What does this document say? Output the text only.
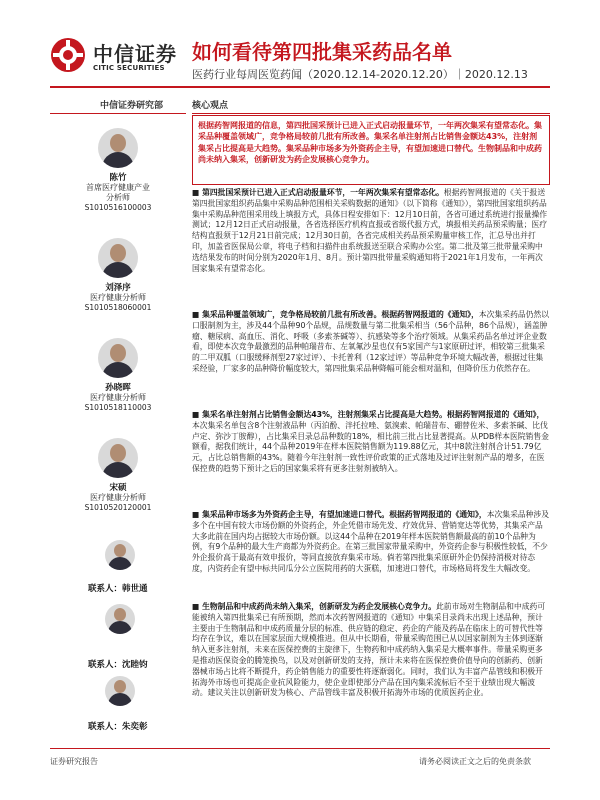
中信证券
CITIC SECURITIES
如何看待第四批集采药品名单
医药行业每周医览药闻（2020.12.14-2020.12.20）｜2020.12.13
中信证券研究部	核心观点
陈竹
首席医疗健康产业
分析师
S1010516100003
刘泽序
医疗健康分析师
S1010518060001
孙晓晖
医疗健康分析师
S1010518110003
宋硕
医疗健康分析师
S1010520120001
联系人：韩世通
联系人：沈睦钧
联系人：朱奕彰
根据药智网报道的信息，第四批国采预计已进入正式启动报量环节，一年两次集采有望常态化。集采品种覆盖领域广，竞争格局较前几批有所改善。集采名单注射剂占比销售金额达43%，注射剂集采占比提高是大趋势。集采品种市场多为外资药企主导，有望加速进口替代。生物制品和中成药尚未纳入集采，创新研发为药企发展核心竞争力。
■ 第四批国采预计已进入正式启动报量环节，一年两次集采有望常态化。根据药智网报道的《关于报送第四批国家组织药品集中采购品种范围相关采购数据的通知》（以下简称《通知》），第四批国家组织药品集中采购品种范围采用线上填报方式，具体日程安排如下：12月10日前，各省可通过系统进行报量操作测试；12月12日正式启动报量，各省选择医疗机构直报或省级代报方式，填报相关药品预采购量；医疗结构直报须于12月21日前完成；12月30日前，各省完成相关药品预采购量审核工作，汇总导出并打印，加盖省医保局公章，将电子档和扫描件由系统报送至联合采购办公室。第二批及第三批带量采购中选结果发布的时间分别为2020年1月、8月。预计第四批带量采购通知将于2021年1月发布，一年两次国家集采有望常态化。
■ 集采品种覆盖领域广，竞争格局较前几批有所改善。根据药智网报道的《通知》，本次集采药品仍然以口服制剂为主，涉及44个品种90个品规，品规数量与第二批集采相当（56个品种，86个品规），涵盖肿瘤、糖尿病、高血压、消化、呼吸（多索茶碱等）、抗感染等多个治疗领域。从集采药品名单过评企业数看，即使本次竞争最激烈的品种帕瑞昔布、左氧氟沙星也仅有5家国产与1家原研过评，相较第三批集采的二甲双胍（口服缓释剂型27家过评）、卡托普利（12家过评）等品种竞争环境大幅改善，根据过往集采经验，厂家多的品种降价幅度较大，第四批集采品种降幅可能会相对温和，但降价压力依然存在。
■ 集采名单注射剂占比销售金额达43%，注射剂集采占比提高是大趋势。根据药智网报道的《通知》，本次集采名单包含8个注射液品种（丙泊酚、泮托拉唑、氨溴索、帕瑞昔布、硼替佐米、多索茶碱、比伐卢定、弥沙丁胺醇），占比集采目录总品种数的18%，相比前三批占比显著提高。从PDB样本医院销售金额看，据我们统计，44个品种2019年在样本医院销售额为119.88亿元，其中8款注射剂合计51.79亿元，占比总销售额的43%。随着今年注射剂一致性评价政策的正式落地及过评注射剂产品的增多，在医保控费的趋势下预计之后的国家集采将有更多注射剂被纳入。
■ 集采品种市场多为外资药企主导，有望加速进口替代。根据药智网报道的《通知》，本次集采品种涉及多个在中国有较大市场份额的外资药企，外企凭借市场先发、疗效优异、营销宽达等优势，其集采产品大多此前在国内均占据较大市场份额。以这44个品种在2019年样本医院销售额最高的前10个品种为例，有9个品种的最大生产商都为外资药企。在第三批国家带量采购中，外资药企参与积极性较低，不少外企报价高于最高有效申报价，等同直接放弃集采市场。倘若第四批集采原研外企仍保持消极对待态度，内资药企有望中标共同瓜分公立医院用药的大蛋糕，加速进口替代，市场格局将发生大幅改变。
■ 生物制品和中成药尚未纳入集采，创新研发为药企发展核心竞争力。此前市场对生物制品和中成药可能被纳入第四批集采已有所预期，然而本次药智网报道的《通知》中集采目录尚未出现上述品种，预计主要由于生物制品和中成药质量分层的标准、供应链的稳定、药企的产能及药品在临床上的可替代性等均存在争议，难以在国家层面大规模推进。但从中长期看，带量采购范围已从以国家制剂为主体到逐渐纳入更多注射剂，未来在医保控费的主旋律下，生物药和中成药纳入集采是大概率事件。带量采购更多是推动医保资金的腾笼换鸟，以及对创新研发的支持，预计未来将在医保控费价值导向的创新药、创新器械市场占比将不断提升，药企销售能力的重要性将逐渐弱化。同时，我们认为丰富产品管线和积极开拓海外市场也可提高企业抗风险能力，使企业即使部分产品在国内集采流标后不至于业绩出现大幅波动。建议关注以创新研发为核心、产品管线丰富及积极开拓海外市场的优质医药企业。
证券研究报告	请务必阅读正文之后的免责条款
